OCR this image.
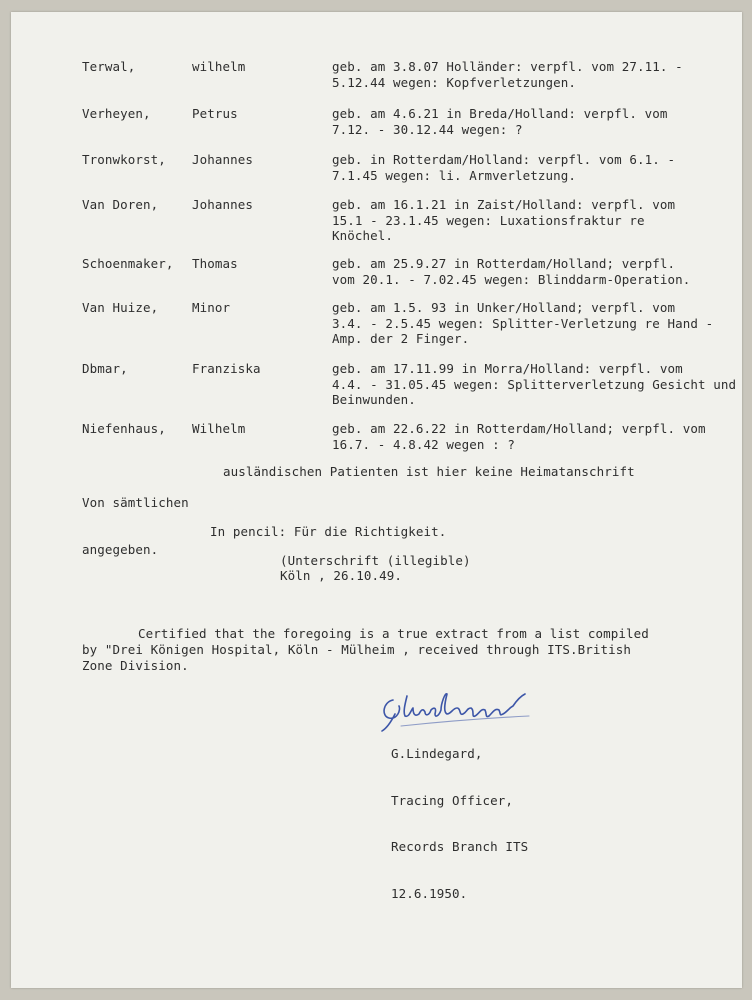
Terwal,	wilhelm	geb. am 3.8.07 Holländer: verpfl. vom 27.11. -
5.12.44 wegen: Kopfverletzungen.
Verheyen,	Petrus	geb. am 4.6.21 in Breda/Holland: verpfl. vom
7.12. - 30.12.44 wegen: ?
Tronwkorst, Johannes	geb. in Rotterdam/Holland: verpfl. vom 6.1. -
7.1.45 wegen: li. Armverletzung.
Van Doren,	Johannes	geb. am 16.1.21 in Zaist/Holland: verpfl. vom
15.1 - 23.1.45 wegen: Luxationsfraktur re
Knöchel.
Schoenmaker, Thomas	geb. am 25.9.27 in Rotterdam/Holland; verpfl.
vom 20.1. - 7.02.45 wegen: Blinddarm-Operation.
Van Huize,	Minor	geb. am 1.5. 93 in Unker/Holland; verpfl. vom
3.4. - 2.5.45 wegen: Splitter-Verletzung re Hand -
Amp. der 2 Finger.
Dbmar,	Franziska	geb. am 17.11.99 in Morra/Holland: verpfl. vom
4.4. - 31.05.45 wegen: Splitterverletzung Gesicht und
Beinwunden.
Niefenhaus, Wilhelm	geb. am 22.6.22 in Rotterdam/Holland; verpfl. vom
16.7. - 4.8.42 wegen : ?

Von sämtlichen

angegeben.

ausländischen Patienten ist hier keine Heimatanschrift
In pencil: Für die Richtigkeit.
(Unterschrift (illegible)
Köln , 26.10.49.
Certified that the foregoing is a true extract from a list compiled
by "Drei Königen Hospital, Köln - Mülheim , received through ITS.British
Zone Division.

G.Lindegard,

Tracing Officer,

Records Branch ITS

12.6.1950.
